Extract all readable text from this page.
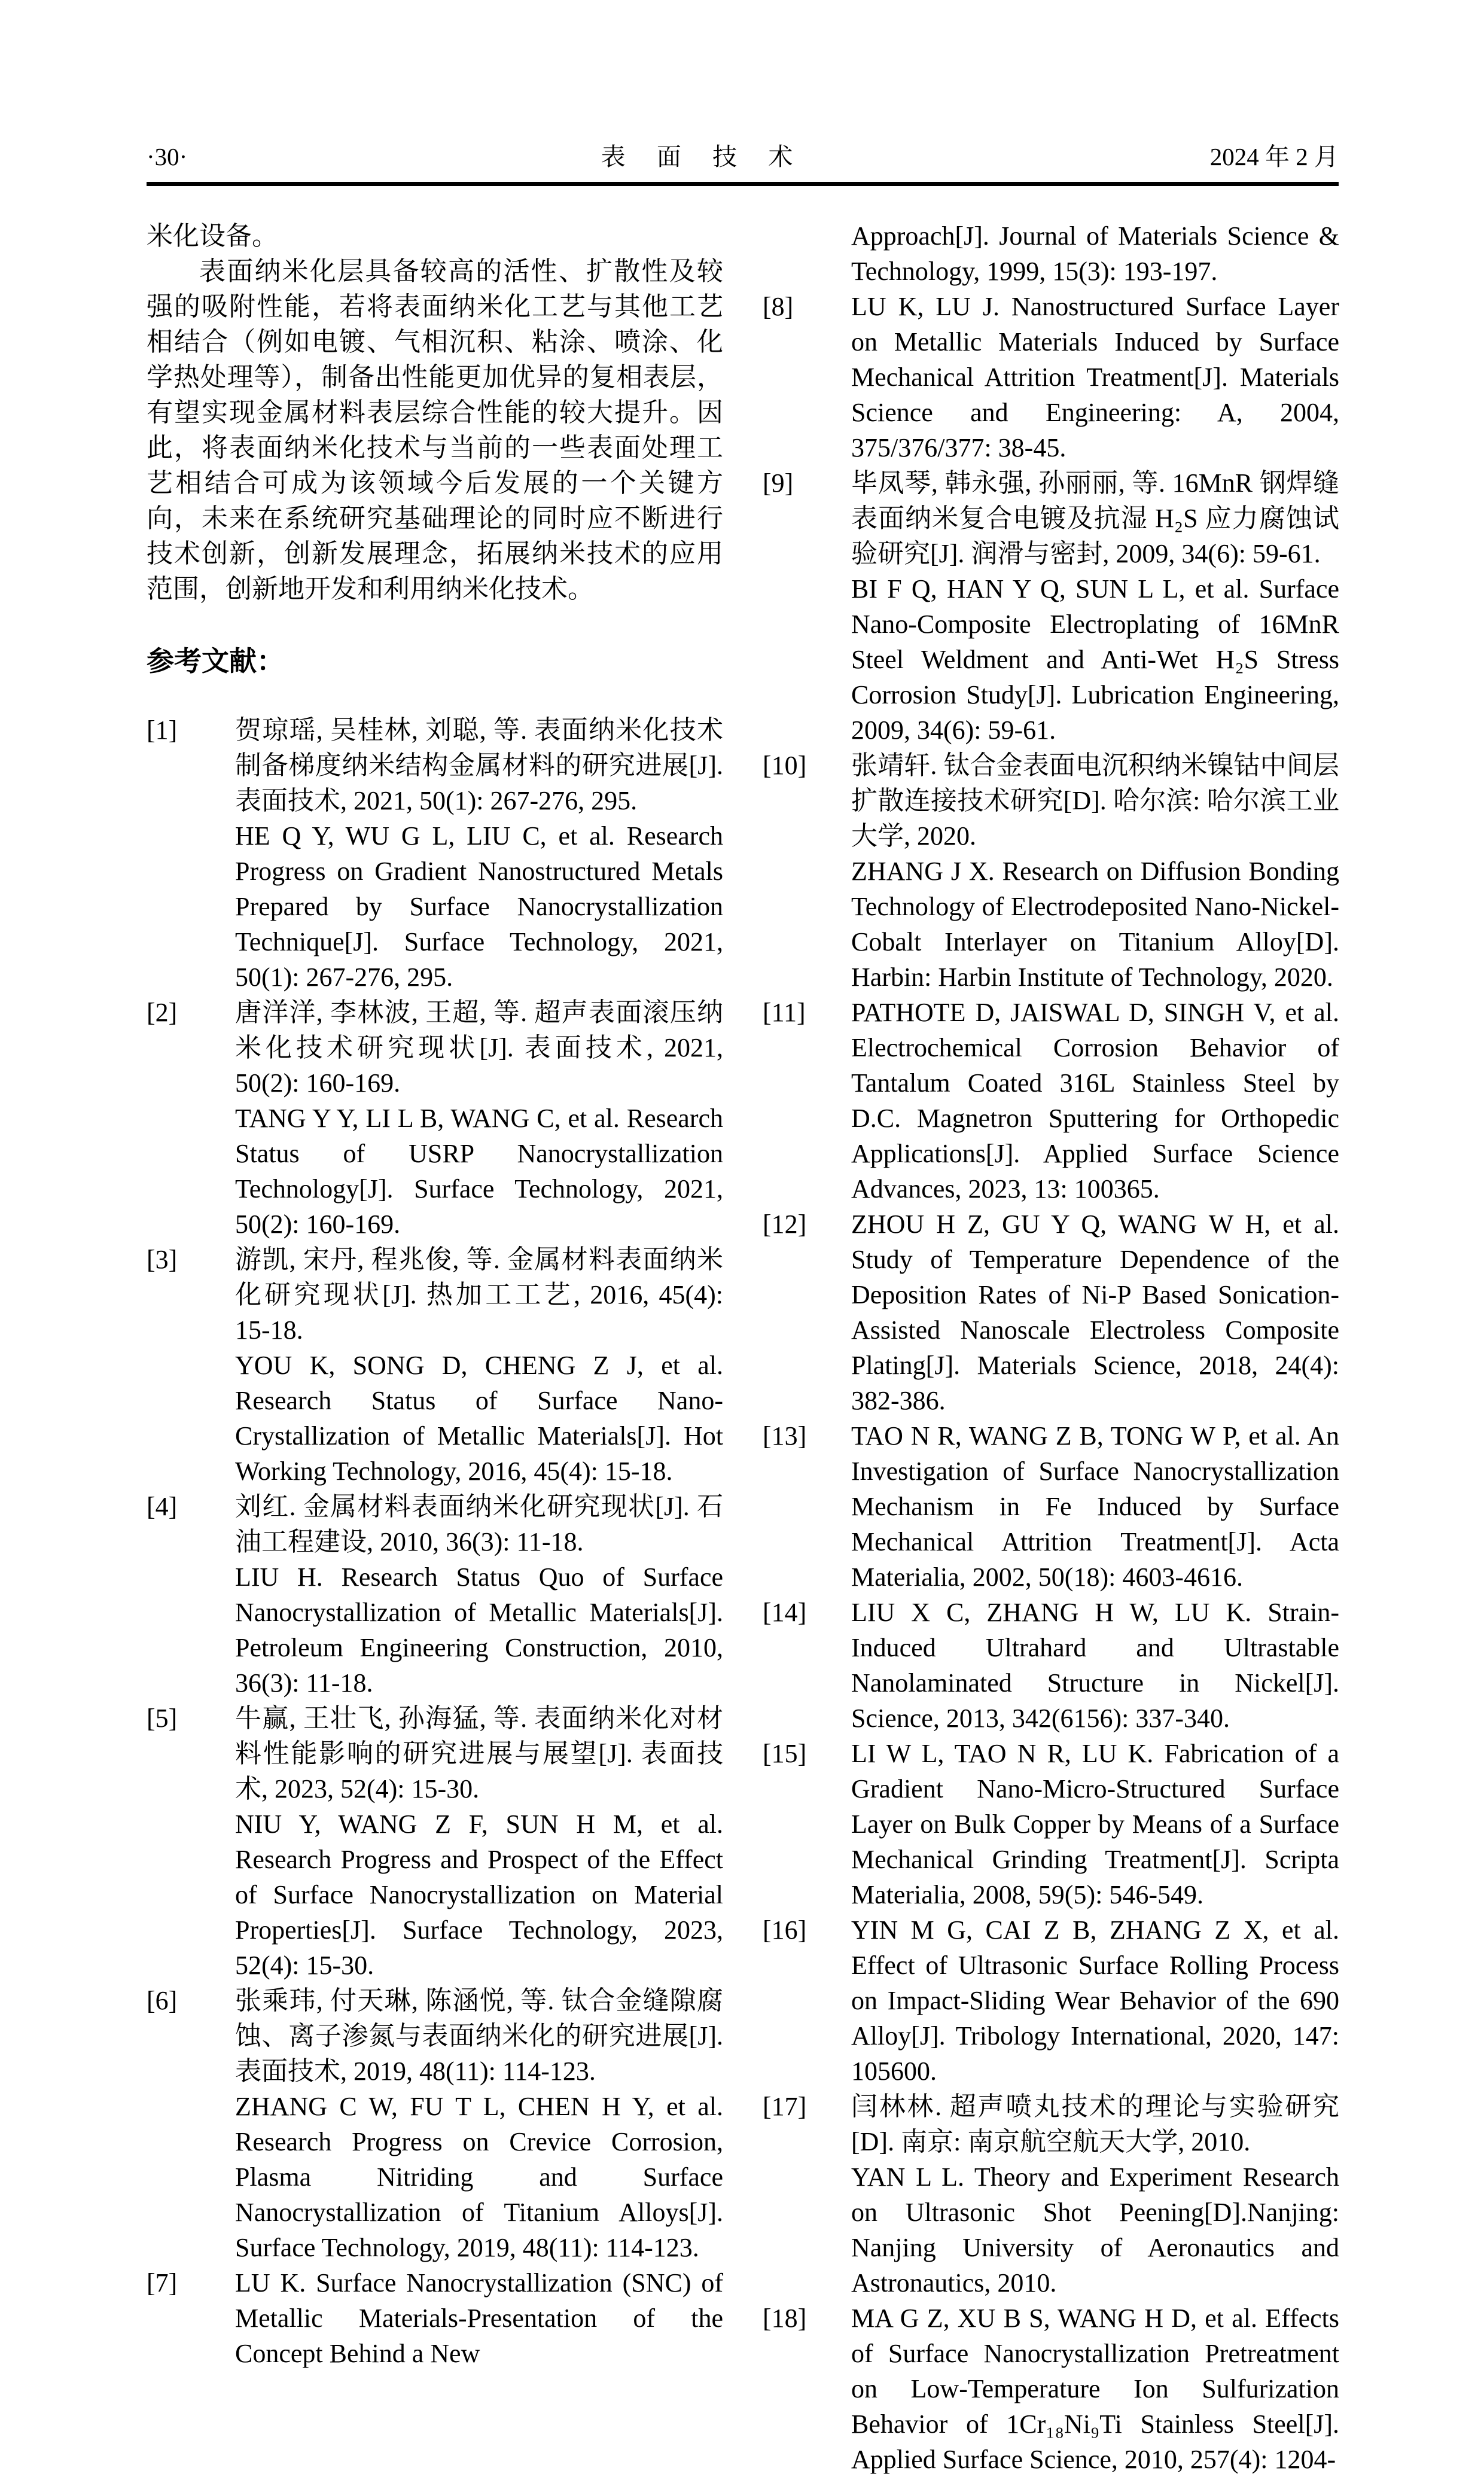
·30·	表 面 技 术	2024 年 2 月

米化设备。

表面纳米化层具备较高的活性、扩散性及较强的吸附性能，若将表面纳米化工艺与其他工艺相结合（例如电镀、气相沉积、粘涂、喷涂、化学热处理等），制备出性能更加优异的复相表层，有望实现金属材料表层综合性能的较大提升。因此，将表面纳米化技术与当前的一些表面处理工艺相结合可成为该领域今后发展的一个关键方向，未来在系统研究基础理论的同时应不断进行技术创新，创新发展理念，拓展纳米技术的应用范围，创新地开发和利用纳米化技术。

参考文献：
[1]	贺琼瑶, 吴桂林, 刘聪, 等. 表面纳米化技术制备梯度纳米结构金属材料的研究进展[J]. 表面技术, 2021, 50(1): 267-276, 295.

HE Q Y, WU G L, LIU C, et al. Research Progress on Gradient Nanostructured Metals Prepared by Surface Nanocrystallization Technique[J]. Surface Technology, 2021, 50(1): 267-276, 295.

[2]	唐洋洋, 李林波, 王超, 等. 超声表面滚压纳米化技术研究现状[J]. 表面技术, 2021, 50(2): 160-169.

TANG Y Y, LI L B, WANG C, et al. Research Status of USRP Nanocrystallization Technology[J]. Surface Technology, 2021, 50(2): 160-169.

[3]	游凯, 宋丹, 程兆俊, 等. 金属材料表面纳米化研究现状[J]. 热加工工艺, 2016, 45(4): 15-18.

YOU K, SONG D, CHENG Z J, et al. Research Status of Surface Nano-Crystallization of Metallic Materials[J]. Hot Working Technology, 2016, 45(4): 15-18.

[4]	刘红. 金属材料表面纳米化研究现状[J]. 石油工程建设, 2010, 36(3): 11-18.

LIU H. Research Status Quo of Surface Nanocrystallization of Metallic Materials[J]. Petroleum Engineering Construction, 2010, 36(3): 11-18.

[5]	牛赢, 王壮飞, 孙海猛, 等. 表面纳米化对材料性能影响的研究进展与展望[J]. 表面技术, 2023, 52(4): 15-30.

NIU Y, WANG Z F, SUN H M, et al. Research Progress and Prospect of the Effect of Surface Nanocrystallization on Material Properties[J]. Surface Technology, 2023, 52(4): 15-30.

[6]	张乘玮, 付天琳, 陈涵悦, 等. 钛合金缝隙腐蚀、离子渗氮与表面纳米化的研究进展[J]. 表面技术, 2019, 48(11): 114-123.

ZHANG C W, FU T L, CHEN H Y, et al. Research Progress on Crevice Corrosion, Plasma Nitriding and Surface Nanocrystallization of Titanium Alloys[J]. Surface Technology, 2019, 48(11): 114-123.

[7]	LU K. Surface Nanocrystallization (SNC) of Metallic Materials-Presentation of the Concept Behind a New

Approach[J]. Journal of Materials Science & Technology, 1999, 15(3): 193-197.

[8]	LU K, LU J. Nanostructured Surface Layer on Metallic Materials Induced by Surface Mechanical Attrition Treatment[J]. Materials Science and Engineering: A, 2004, 375/376/377: 38-45.

[9]	毕凤琴, 韩永强, 孙丽丽, 等. 16MnR 钢焊缝表面纳米复合电镀及抗湿 H₂S 应力腐蚀试验研究[J]. 润滑与密封, 2009, 34(6): 59-61.

BI F Q, HAN Y Q, SUN L L, et al. Surface Nano-Composite Electroplating of 16MnR Steel Weldment and Anti-Wet H₂S Stress Corrosion Study[J]. Lubrication Engineering, 2009, 34(6): 59-61.

[10]	张靖轩. 钛合金表面电沉积纳米镍钴中间层扩散连接技术研究[D]. 哈尔滨: 哈尔滨工业大学, 2020.

ZHANG J X. Research on Diffusion Bonding Technology of Electrodeposited Nano-Nickel-Cobalt Interlayer on Titanium Alloy[D]. Harbin: Harbin Institute of Technology, 2020.

[11]	PATHOTE D, JAISWAL D, SINGH V, et al. Electrochemical Corrosion Behavior of Tantalum Coated 316L Stainless Steel by D.C. Magnetron Sputtering for Orthopedic Applications[J]. Applied Surface Science Advances, 2023, 13: 100365.

[12]	ZHOU H Z, GU Y Q, WANG W H, et al. Study of Temperature Dependence of the Deposition Rates of Ni-P Based Sonication-Assisted Nanoscale Electroless Composite Plating[J]. Materials Science, 2018, 24(4): 382-386.

[13]	TAO N R, WANG Z B, TONG W P, et al. An Investigation of Surface Nanocrystallization Mechanism in Fe Induced by Surface Mechanical Attrition Treatment[J]. Acta Materialia, 2002, 50(18): 4603-4616.

[14]	LIU X C, ZHANG H W, LU K. Strain-Induced Ultrahard and Ultrastable Nanolaminated Structure in Nickel[J]. Science, 2013, 342(6156): 337-340.

[15]	LI W L, TAO N R, LU K. Fabrication of a Gradient Nano-Micro-Structured Surface Layer on Bulk Copper by Means of a Surface Mechanical Grinding Treatment[J]. Scripta Materialia, 2008, 59(5): 546-549.

[16]	YIN M G, CAI Z B, ZHANG Z X, et al. Effect of Ultrasonic Surface Rolling Process on Impact-Sliding Wear Behavior of the 690 Alloy[J]. Tribology International, 2020, 147: 105600.

[17]	闫林林. 超声喷丸技术的理论与实验研究[D]. 南京: 南京航空航天大学, 2010.

YAN L L. Theory and Experiment Research on Ultrasonic Shot Peening[D].Nanjing: Nanjing University of Aeronautics and Astronautics, 2010.

[18]	MA G Z, XU B S, WANG H D, et al. Effects of Surface Nanocrystallization Pretreatment on Low-Temperature Ion Sulfurization Behavior of 1Cr₁₈Ni₉Ti Stainless Steel[J]. Applied Surface Science, 2010, 257(4): 1204-
